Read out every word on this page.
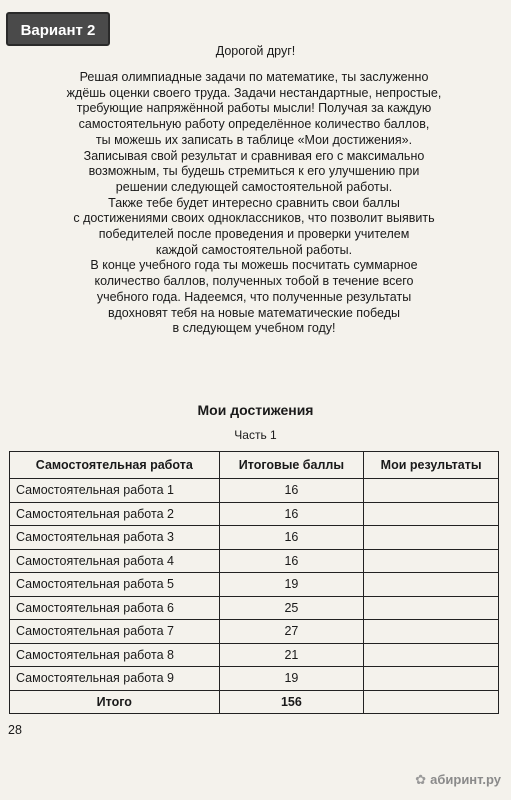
Вариант 2
Дорогой друг!

Решая олимпиадные задачи по математике, ты заслуженно

ждёшь оценки своего труда. Задачи нестандартные, непростые,

требующие напряжённой работы мысли! Получая за каждую

самостоятельную работу определённое количество баллов,

ты можешь их записать в таблице «Мои достижения».

Записывая свой результат и сравнивая его с максимально

возможным, ты будешь стремиться к его улучшению при

решении следующей самостоятельной работы.

Также тебе будет интересно сравнить свои баллы

с достижениями своих одноклассников, что позволит выявить

победителей после проведения и проверки учителем

каждой самостоятельной работы.

В конце учебного года ты можешь посчитать суммарное

количество баллов, полученных тобой в течение всего

учебного года. Надеемся, что полученные результаты

вдохновят тебя на новые математические победы

в следующем учебном году!

Мои достижения
Часть 1
Самостоятельная работа	Итоговые баллы	Мои результаты
Самостоятельная работа 1	16	
Самостоятельная работа 2	16	
Самостоятельная работа 3	16	
Самостоятельная работа 4	16	
Самостоятельная работа 5	19	
Самостоятельная работа 6	25	
Самостоятельная работа 7	27	
Самостоятельная работа 8	21	
Самостоятельная работа 9	19	
Итого	156	
28
✿ абиринт.ру
